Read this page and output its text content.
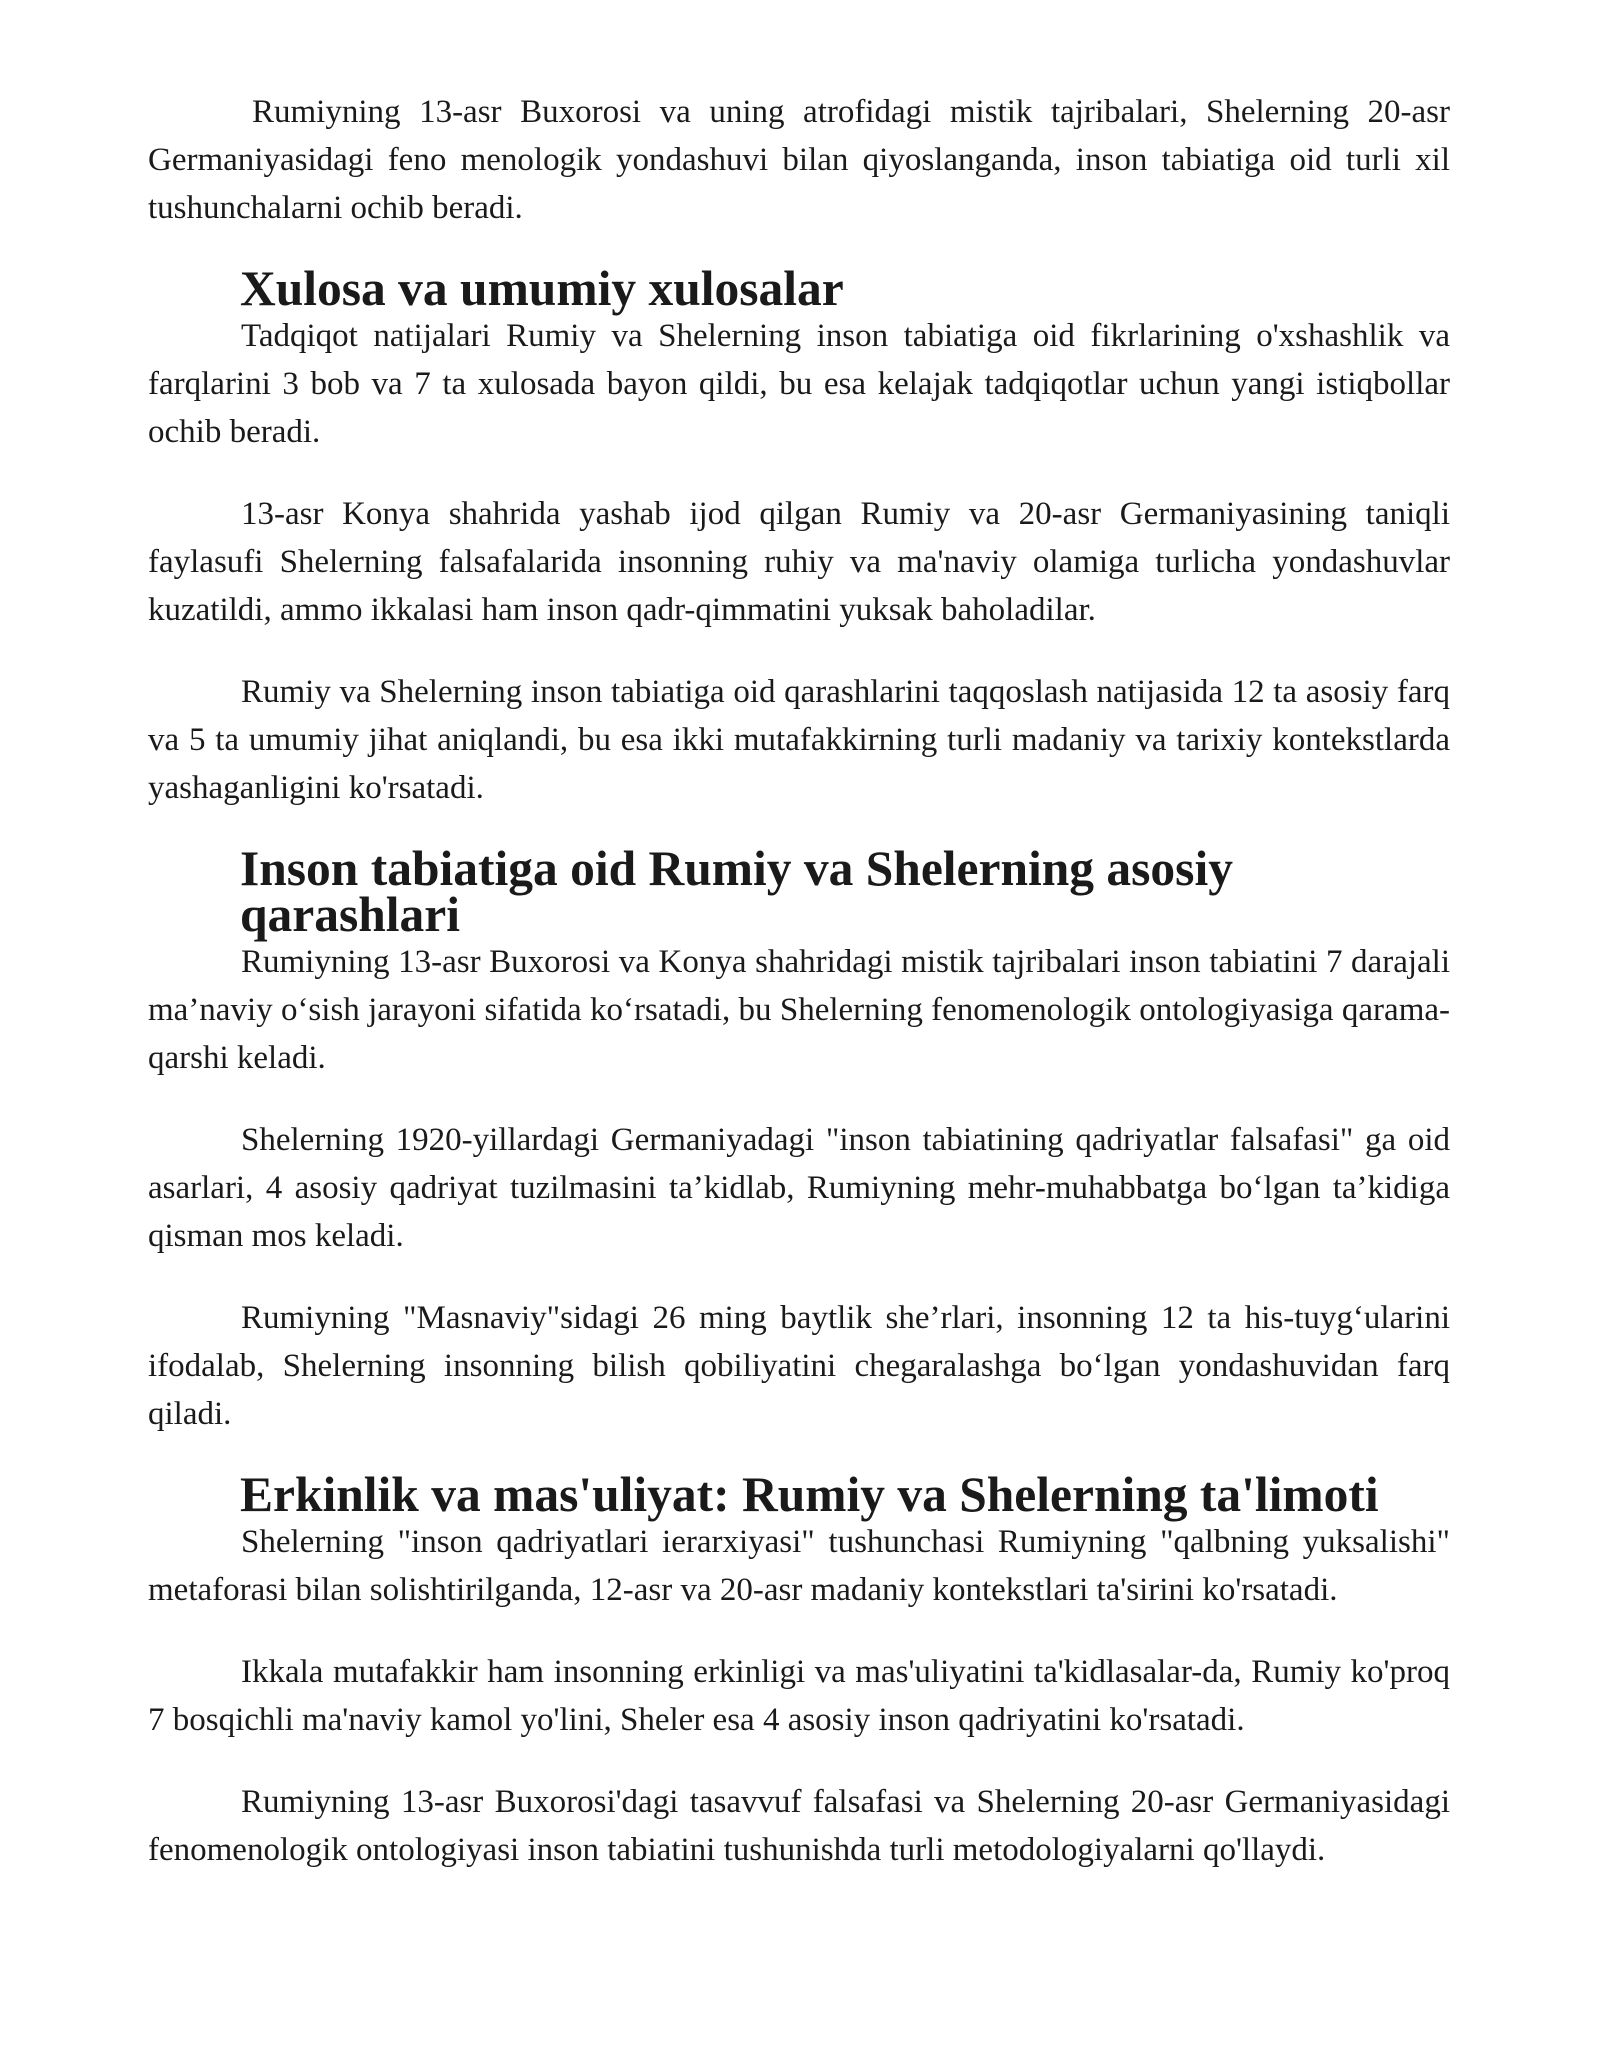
Rumiyning 13-asr Buxorosi va uning atrofidagi mistik tajribalari, Shelerning 20-asr Germaniyasidagi feno menologik yondashuvi bilan qiyoslanganda, inson tabiatiga oid turli xil tushunchalarni ochib beradi.

Xulosa va umumiy xulosalar

Tadqiqot natijalari Rumiy va Shelerning inson tabiatiga oid fikrlarining o'xshashlik va farqlarini 3 bob va 7 ta xulosada bayon qildi, bu esa kelajak tadqiqotlar uchun yangi istiqbollar ochib beradi.

13-asr Konya shahrida yashab ijod qilgan Rumiy va 20-asr Germaniyasining taniqli faylasufi Shelerning falsafalarida insonning ruhiy va ma'naviy olamiga turlicha yondashuvlar kuzatildi, ammo ikkalasi ham inson qadr-qimmatini yuksak baholadilar.

Rumiy va Shelerning inson tabiatiga oid qarashlarini taqqoslash natijasida 12 ta asosiy farq va 5 ta umumiy jihat aniqlandi, bu esa ikki mutafakkirning turli madaniy va tarixiy kontekstlarda yashaganligini ko'rsatadi.

Inson tabiatiga oid Rumiy va Shelerning asosiy qarashlari

Rumiyning 13-asr Buxorosi va Konya shahridagi mistik tajribalari inson tabiatini 7 darajali ma’naviy o‘sish jarayoni sifatida ko‘rsatadi, bu Shelerning fenomenologik ontologiyasiga qarama-qarshi keladi.

Shelerning 1920-yillardagi Germaniyadagi "inson tabiatining qadriyatlar falsafasi" ga oid asarlari, 4 asosiy qadriyat tuzilmasini ta’kidlab, Rumiyning mehr-muhabbatga bo‘lgan ta’kidiga qisman mos keladi.

Rumiyning "Masnaviy"sidagi 26 ming baytlik she’rlari, insonning 12 ta his-tuyg‘ularini ifodalab, Shelerning insonning bilish qobiliyatini chegaralashga bo‘lgan yondashuvidan farq qiladi.

Erkinlik va mas'uliyat: Rumiy va Shelerning ta'limoti

Shelerning "inson qadriyatlari ierarxiyasi" tushunchasi Rumiyning "qalbning yuksalishi" metaforasi bilan solishtirilganda, 12-asr va 20-asr madaniy kontekstlari ta'sirini ko'rsatadi.

Ikkala mutafakkir ham insonning erkinligi va mas'uliyatini ta'kidlasalar-da, Rumiy ko'proq 7 bosqichli ma'naviy kamol yo'lini, Sheler esa 4 asosiy inson qadriyatini ko'rsatadi.

Rumiyning 13-asr Buxorosi'dagi tasavvuf falsafasi va Shelerning 20-asr Germaniyasidagi fenomenologik ontologiyasi inson tabiatini tushunishda turli metodologiyalarni qo'llaydi.
